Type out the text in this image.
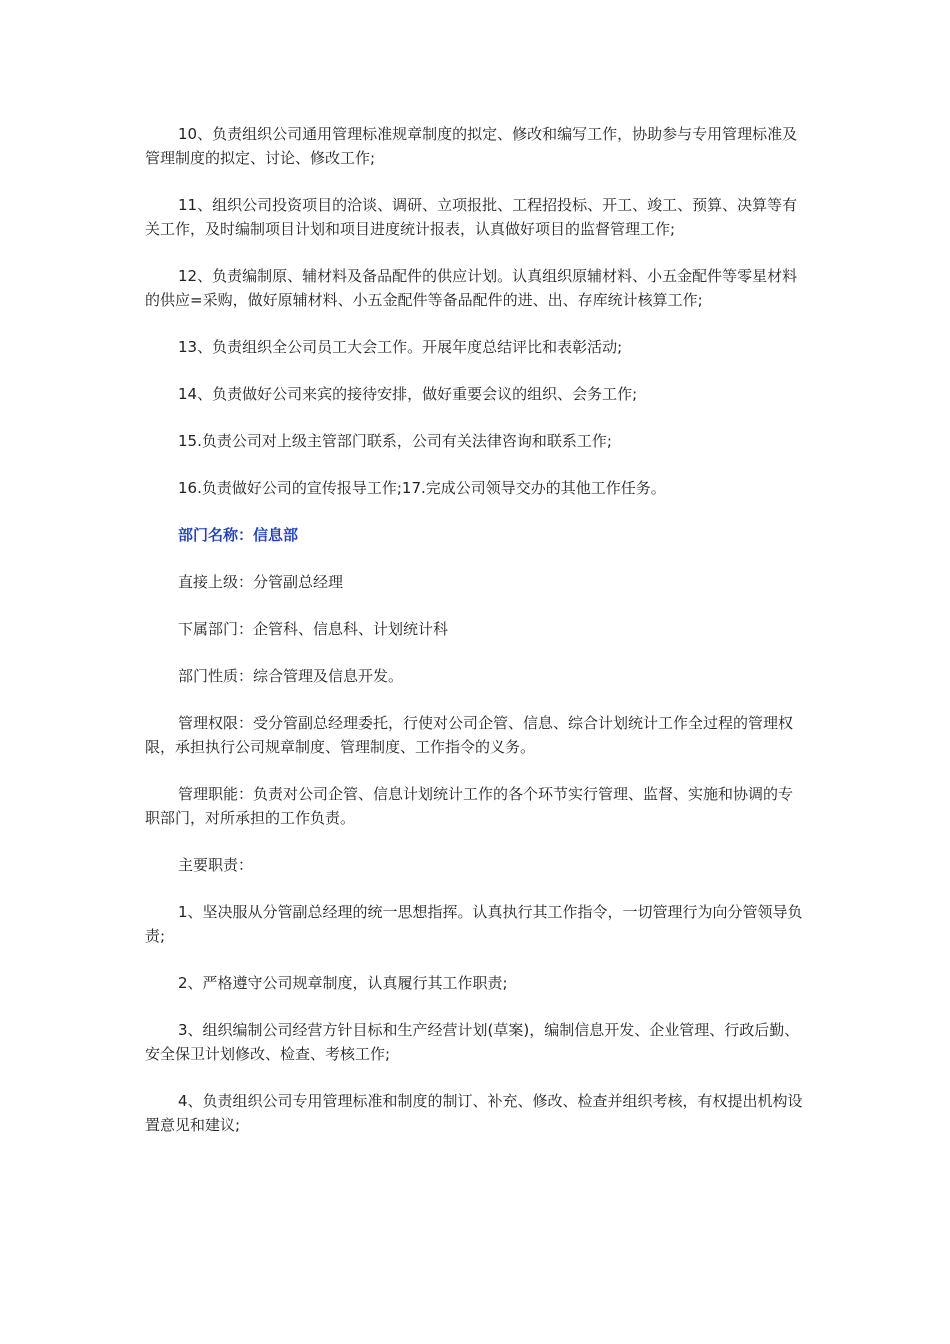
10、负责组织公司通用管理标准规章制度的拟定、修改和编写工作，协助参与专用管理标准及管理制度的拟定、讨论、修改工作;

11、组织公司投资项目的洽谈、调研、立项报批、工程招投标、开工、竣工、预算、决算等有关工作，及时编制项目计划和项目进度统计报表，认真做好项目的监督管理工作;

12、负责编制原、辅材料及备品配件的供应计划。认真组织原辅材料、小五金配件等零星材料的供应=采购，做好原辅材料、小五金配件等备品配件的进、出、存库统计核算工作;

13、负责组织全公司员工大会工作。开展年度总结评比和表彰活动;

14、负责做好公司来宾的接待安排，做好重要会议的组织、会务工作;

15.负责公司对上级主管部门联系，公司有关法律咨询和联系工作;

16.负责做好公司的宣传报导工作;17.完成公司领导交办的其他工作任务。

部门名称：信息部

直接上级：分管副总经理

下属部门：企管科、信息科、计划统计科

部门性质：综合管理及信息开发。

管理权限：受分管副总经理委托，行使对公司企管、信息、综合计划统计工作全过程的管理权限，承担执行公司规章制度、管理制度、工作指令的义务。

管理职能：负责对公司企管、信息计划统计工作的各个环节实行管理、监督、实施和协调的专职部门，对所承担的工作负责。

主要职责：

1、坚决服从分管副总经理的统一思想指挥。认真执行其工作指令，一切管理行为向分管领导负责;

2、严格遵守公司规章制度，认真履行其工作职责;

3、组织编制公司经营方针目标和生产经营计划(草案)，编制信息开发、企业管理、行政后勤、安全保卫计划修改、检查、考核工作;

4、负责组织公司专用管理标准和制度的制订、补充、修改、检查并组织考核，有权提出机构设置意见和建议;
